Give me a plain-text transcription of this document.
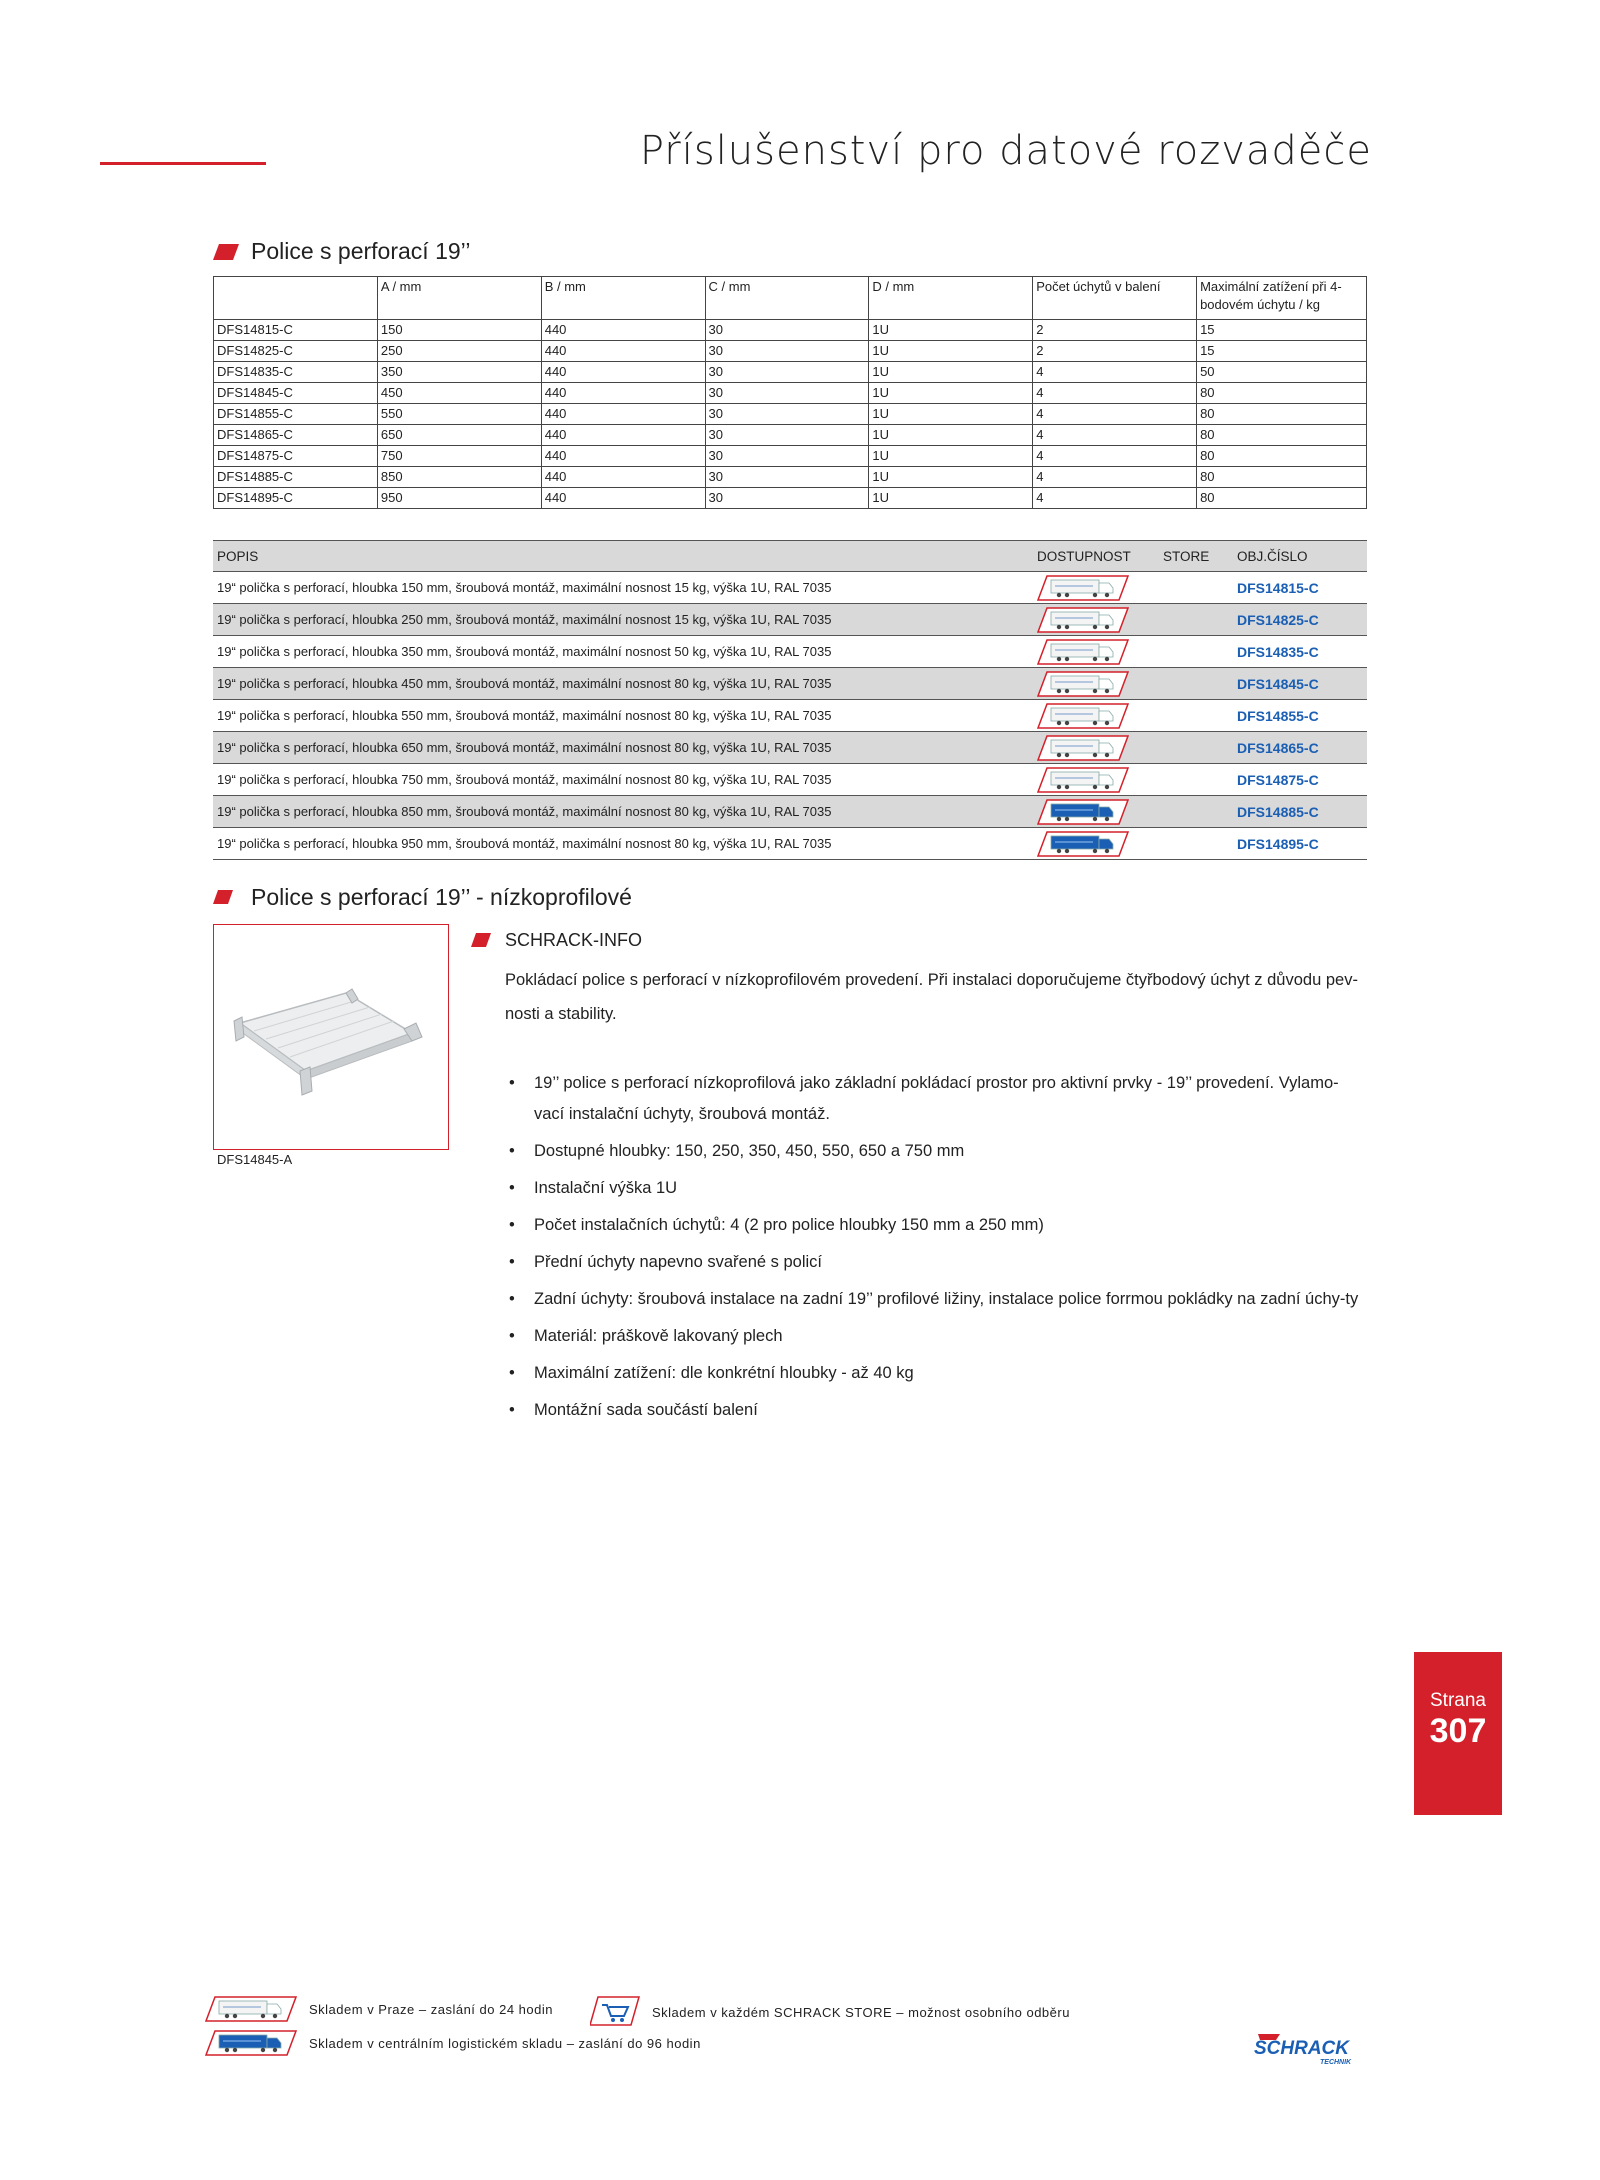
Příslušenství pro datové rozvaděče
Police s perforací 19’’
	A / mm	B / mm	C / mm	D / mm	Počet úchytů v balení	Maximální zatížení při 4-bodovém úchytu / kg
DFS14815-C	150	440	30	1U	2	15
DFS14825-C	250	440	30	1U	2	15
DFS14835-C	350	440	30	1U	4	50
DFS14845-C	450	440	30	1U	4	80
DFS14855-C	550	440	30	1U	4	80
DFS14865-C	650	440	30	1U	4	80
DFS14875-C	750	440	30	1U	4	80
DFS14885-C	850	440	30	1U	4	80
DFS14895-C	950	440	30	1U	4	80
POPIS	DOSTUPNOST	STORE	OBJ.ČÍSLO
19“ polička s perforací, hloubka 150 mm, šroubová montáž, maximální nosnost 15 kg, výška 1U, RAL 7035			DFS14815-C
19“ polička s perforací, hloubka 250 mm, šroubová montáž, maximální nosnost 15 kg, výška 1U, RAL 7035			DFS14825-C
19“ polička s perforací, hloubka 350 mm, šroubová montáž, maximální nosnost 50 kg, výška 1U, RAL 7035			DFS14835-C
19“ polička s perforací, hloubka 450 mm, šroubová montáž, maximální nosnost 80 kg, výška 1U, RAL 7035			DFS14845-C
19“ polička s perforací, hloubka 550 mm, šroubová montáž, maximální nosnost 80 kg, výška 1U, RAL 7035			DFS14855-C
19“ polička s perforací, hloubka 650 mm, šroubová montáž, maximální nosnost 80 kg, výška 1U, RAL 7035			DFS14865-C
19“ polička s perforací, hloubka 750 mm, šroubová montáž, maximální nosnost 80 kg, výška 1U, RAL 7035			DFS14875-C
19“ polička s perforací, hloubka 850 mm, šroubová montáž, maximální nosnost 80 kg, výška 1U, RAL 7035			DFS14885-C
19“ polička s perforací, hloubka 950 mm, šroubová montáž, maximální nosnost 80 kg, výška 1U, RAL 7035			DFS14895-C
Police s perforací 19’’ - nízkoprofilové
DFS14845-A
SCHRACK-INFO
Pokládací police s perforací v nízkoprofilovém provedení. Při instalaci doporučujeme čtyřbodový úchyt z důvodu pev-nosti a stability.
• 19’’ police s perforací nízkoprofilová jako základní pokládací prostor pro aktivní prvky - 19’’ provedení. Vylamo-vací instalační úchyty, šroubová montáž.
• Dostupné hloubky: 150, 250, 350, 450, 550, 650 a 750 mm
• Instalační výška 1U
• Počet instalačních úchytů: 4 (2 pro police hloubky 150 mm a 250 mm)
• Přední úchyty napevno svařené s policí
• Zadní úchyty: šroubová instalace na zadní 19’’ profilové ližiny, instalace police forrmou pokládky na zadní úchy-ty
• Materiál: práškově lakovaný plech
• Maximální zatížení: dle konkrétní hloubky - až 40 kg
• Montážní sada součástí balení
Strana
307
Skladem v Praze – zaslání do 24 hodin	Skladem v každém SCHRACK STORE – možnost osobního odběru
Skladem v centrálním logistickém skladu – zaslání do 96 hodin	SCHRACK
TECHNIK
